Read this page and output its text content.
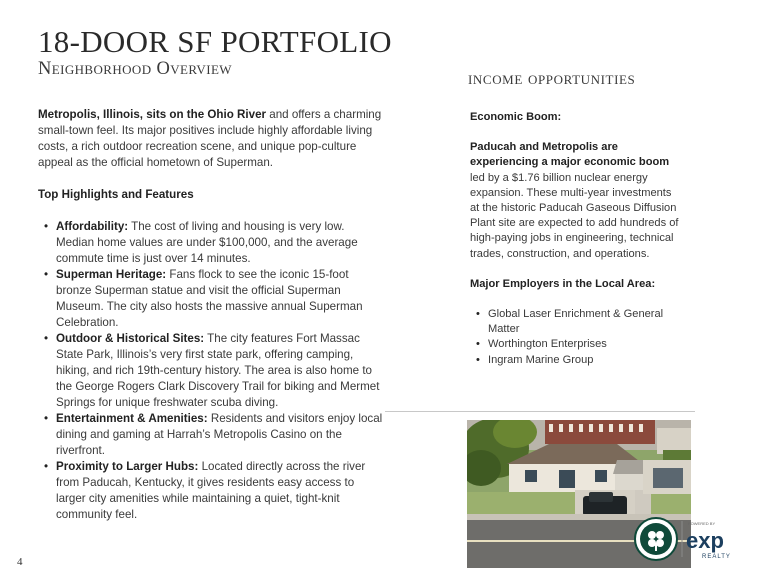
18-DOOR SF PORTFOLIO
Neighborhood Overview	income opportunities

Metropolis, Illinois, sits on the Ohio River and offers a charming small-town feel. Its major positives include highly affordable living costs, a rich outdoor recreation scene, and unique pop-culture appeal as the official hometown of Superman.

Top Highlights and Features
• Affordability: The cost of living and housing is very low. Median home values are under $100,000, and the average commute time is just over 14 minutes.
• Superman Heritage: Fans flock to see the iconic 15-foot bronze Superman statue and visit the official Superman Museum. The city also hosts the massive annual Superman Celebration.
• Outdoor & Historical Sites: The city features Fort Massac State Park, Illinois’s very first state park, offering camping, hiking, and rich 19th-century history. The area is also home to the George Rogers Clark Discovery Trail for biking and Mermet Springs for unique freshwater scuba diving.
• Entertainment & Amenities: Residents and visitors enjoy local dining and gaming at Harrah’s Metropolis Casino on the riverfront.
• Proximity to Larger Hubs: Located directly across the river from Paducah, Kentucky, it gives residents easy access to larger city amenities while maintaining a quiet, tight-knit community feel.
Economic Boom:

Paducah and Metropolis are experiencing a major economic boom led by a $1.76 billion nuclear energy expansion. These multi-year investments at the historic Paducah Gaseous Diffusion Plant site are expected to add hundreds of high-paying jobs in engineering, technical trades, construction, and operations.

Major Employers in the Local Area:
• Global Laser Enrichment & General Matter
• Worthington Enterprises
• Ingram Marine Group
POWERED BY
exp
REALTY
4
